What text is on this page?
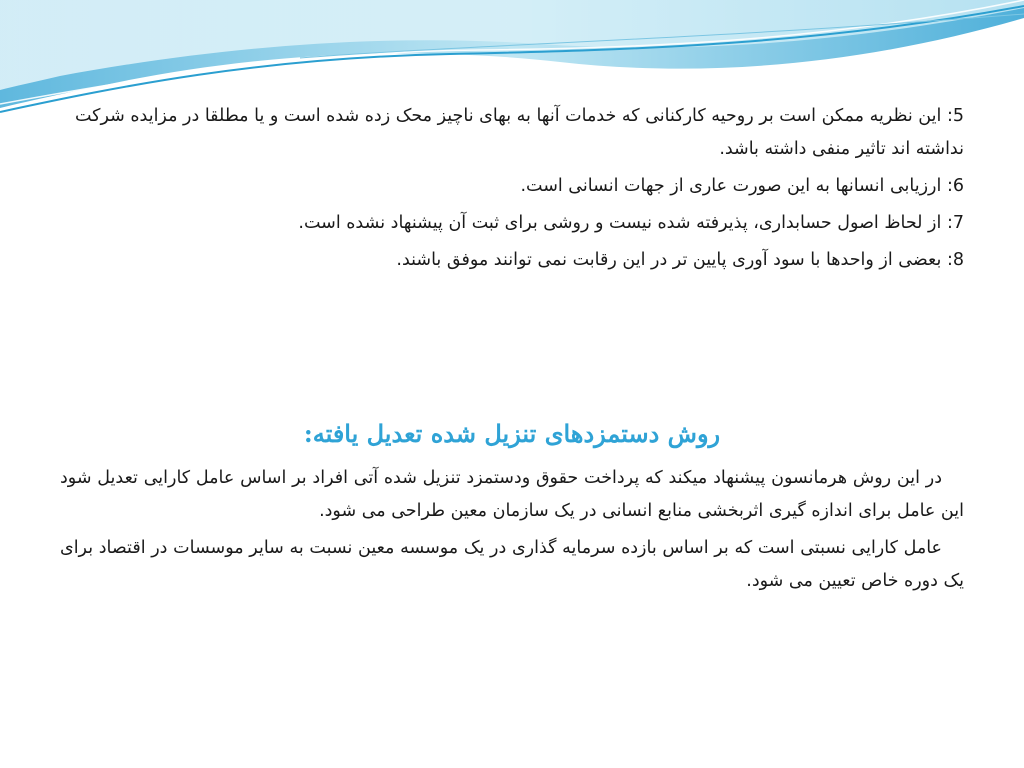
5: این نظریه ممکن است بر روحیه کارکنانی که خدمات آنها به بهای ناچیز محک زده شده است و یا مطلقا در مزایده شرکت نداشته اند تاثیر منفی داشته باشد.

6: ارزیابی انسانها به این صورت عاری از جهات انسانی است.

7: از لحاظ اصول حسابداری، پذیرفته شده نیست و روشی برای ثبت آن پیشنهاد نشده است.

8: بعضی از واحدها با سود آوری پایین تر در این رقابت نمی توانند موفق باشند.

روش دستمزدهای تنزیل شده تعدیل یافته:

در این روش هرمانسون پیشنهاد میکند که پرداخت حقوق ودستمزد تنزیل شده آتی افراد بر اساس عامل کارایی تعدیل شود این عامل برای اندازه گیری اثربخشی منابع انسانی در یک سازمان معین طراحی می شود.

عامل کارایی نسبتی است که بر اساس بازده سرمایه گذاری در یک موسسه معین نسبت به سایر موسسات در اقتصاد برای یک دوره خاص تعیین می شود.
